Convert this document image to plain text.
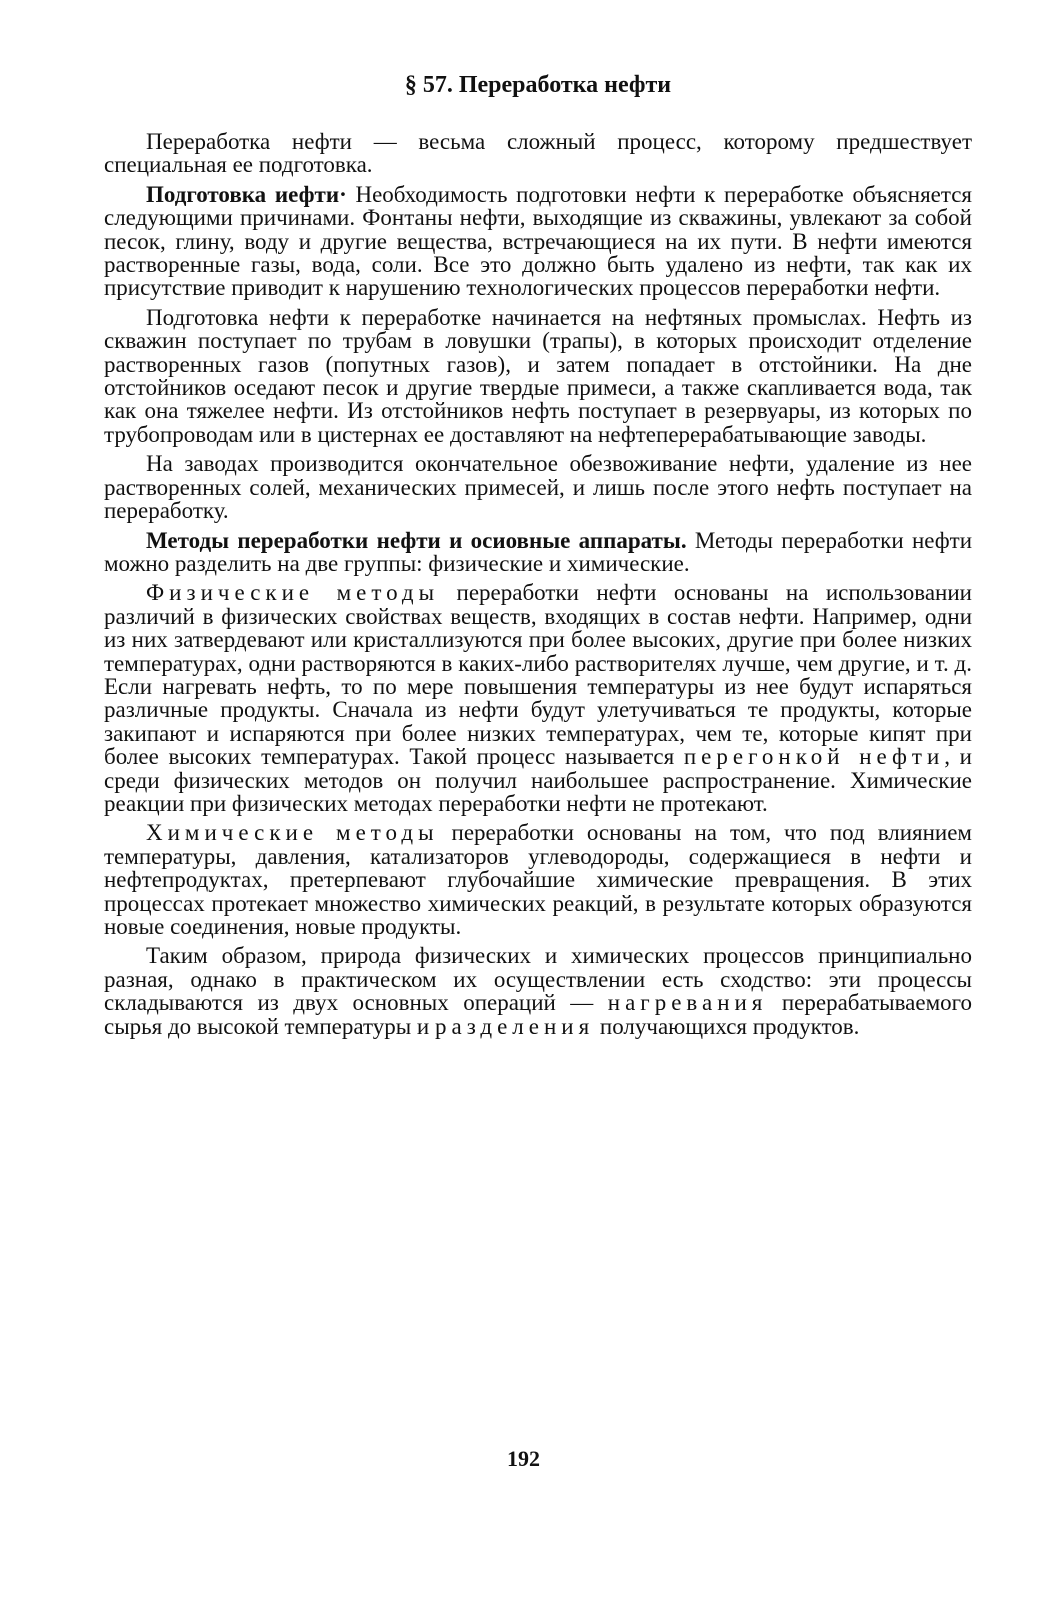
§ 57. Переработка нефти

Переработка нефти — весьма сложный процесс, которому предшествует специальная ее подготовка.

Подготовка иефти· Необходимость подготовки нефти к переработке объясняется следующими причинами. Фонтаны нефти, выходящие из скважины, увлекают за собой песок, глину, воду и другие вещества, встречающиеся на их пути. В нефти имеются растворенные газы, вода, соли. Все это должно быть удалено из нефти, так как их присутствие приводит к нарушению технологических процессов переработки нефти.

Подготовка нефти к переработке начинается на нефтяных промыслах. Нефть из скважин поступает по трубам в ловушки (трапы), в которых происходит отделение растворенных газов (попутных газов), и затем попадает в отстойники. На дне отстойников оседают песок и другие твердые примеси, а также скапливается вода, так как она тяжелее нефти. Из отстойников нефть поступает в резервуары, из которых по трубопроводам или в цистернах ее доставляют на нефтеперерабатывающие заводы.

На заводах производится окончательное обезвоживание нефти, удаление из нее растворенных солей, механических примесей, и лишь после этого нефть поступает на переработку.

Методы переработки нефти и осиовные аппараты. Методы переработки нефти можно разделить на две группы: физические и химические.

Физические методы переработки нефти основаны на использовании различий в физических свойствах веществ, входящих в состав нефти. Например, одни из них затвердевают или кристаллизуются при более высоких, другие при более низких температурах, одни растворяются в каких-либо растворителях лучше, чем другие, и т. д. Если нагревать нефть, то по мере повышения температуры из нее будут испаряться различные продукты. Сначала из нефти будут улетучиваться те продукты, которые закипают и испаряются при более низких температурах, чем те, которые кипят при более высоких температурах. Такой процесс называется перегонкой нефти, и среди физических методов он получил наибольшее распространение. Химические реакции при физических методах переработки нефти не протекают.

Химические методы переработки основаны на том, что под влиянием температуры, давления, катализаторов углеводороды, содержащиеся в нефти и нефтепродуктах, претерпевают глубочайшие химические превращения. В этих процессах протекает множество химических реакций, в результате которых образуются новые соединения, новые продукты.

Таким образом, природа физических и химических процессов принципиально разная, однако в практическом их осуществлении есть сходство: эти процессы складываются из двух основных операций — нагревания перерабатываемого сырья до высокой температуры и разделения получающихся продуктов.

192
